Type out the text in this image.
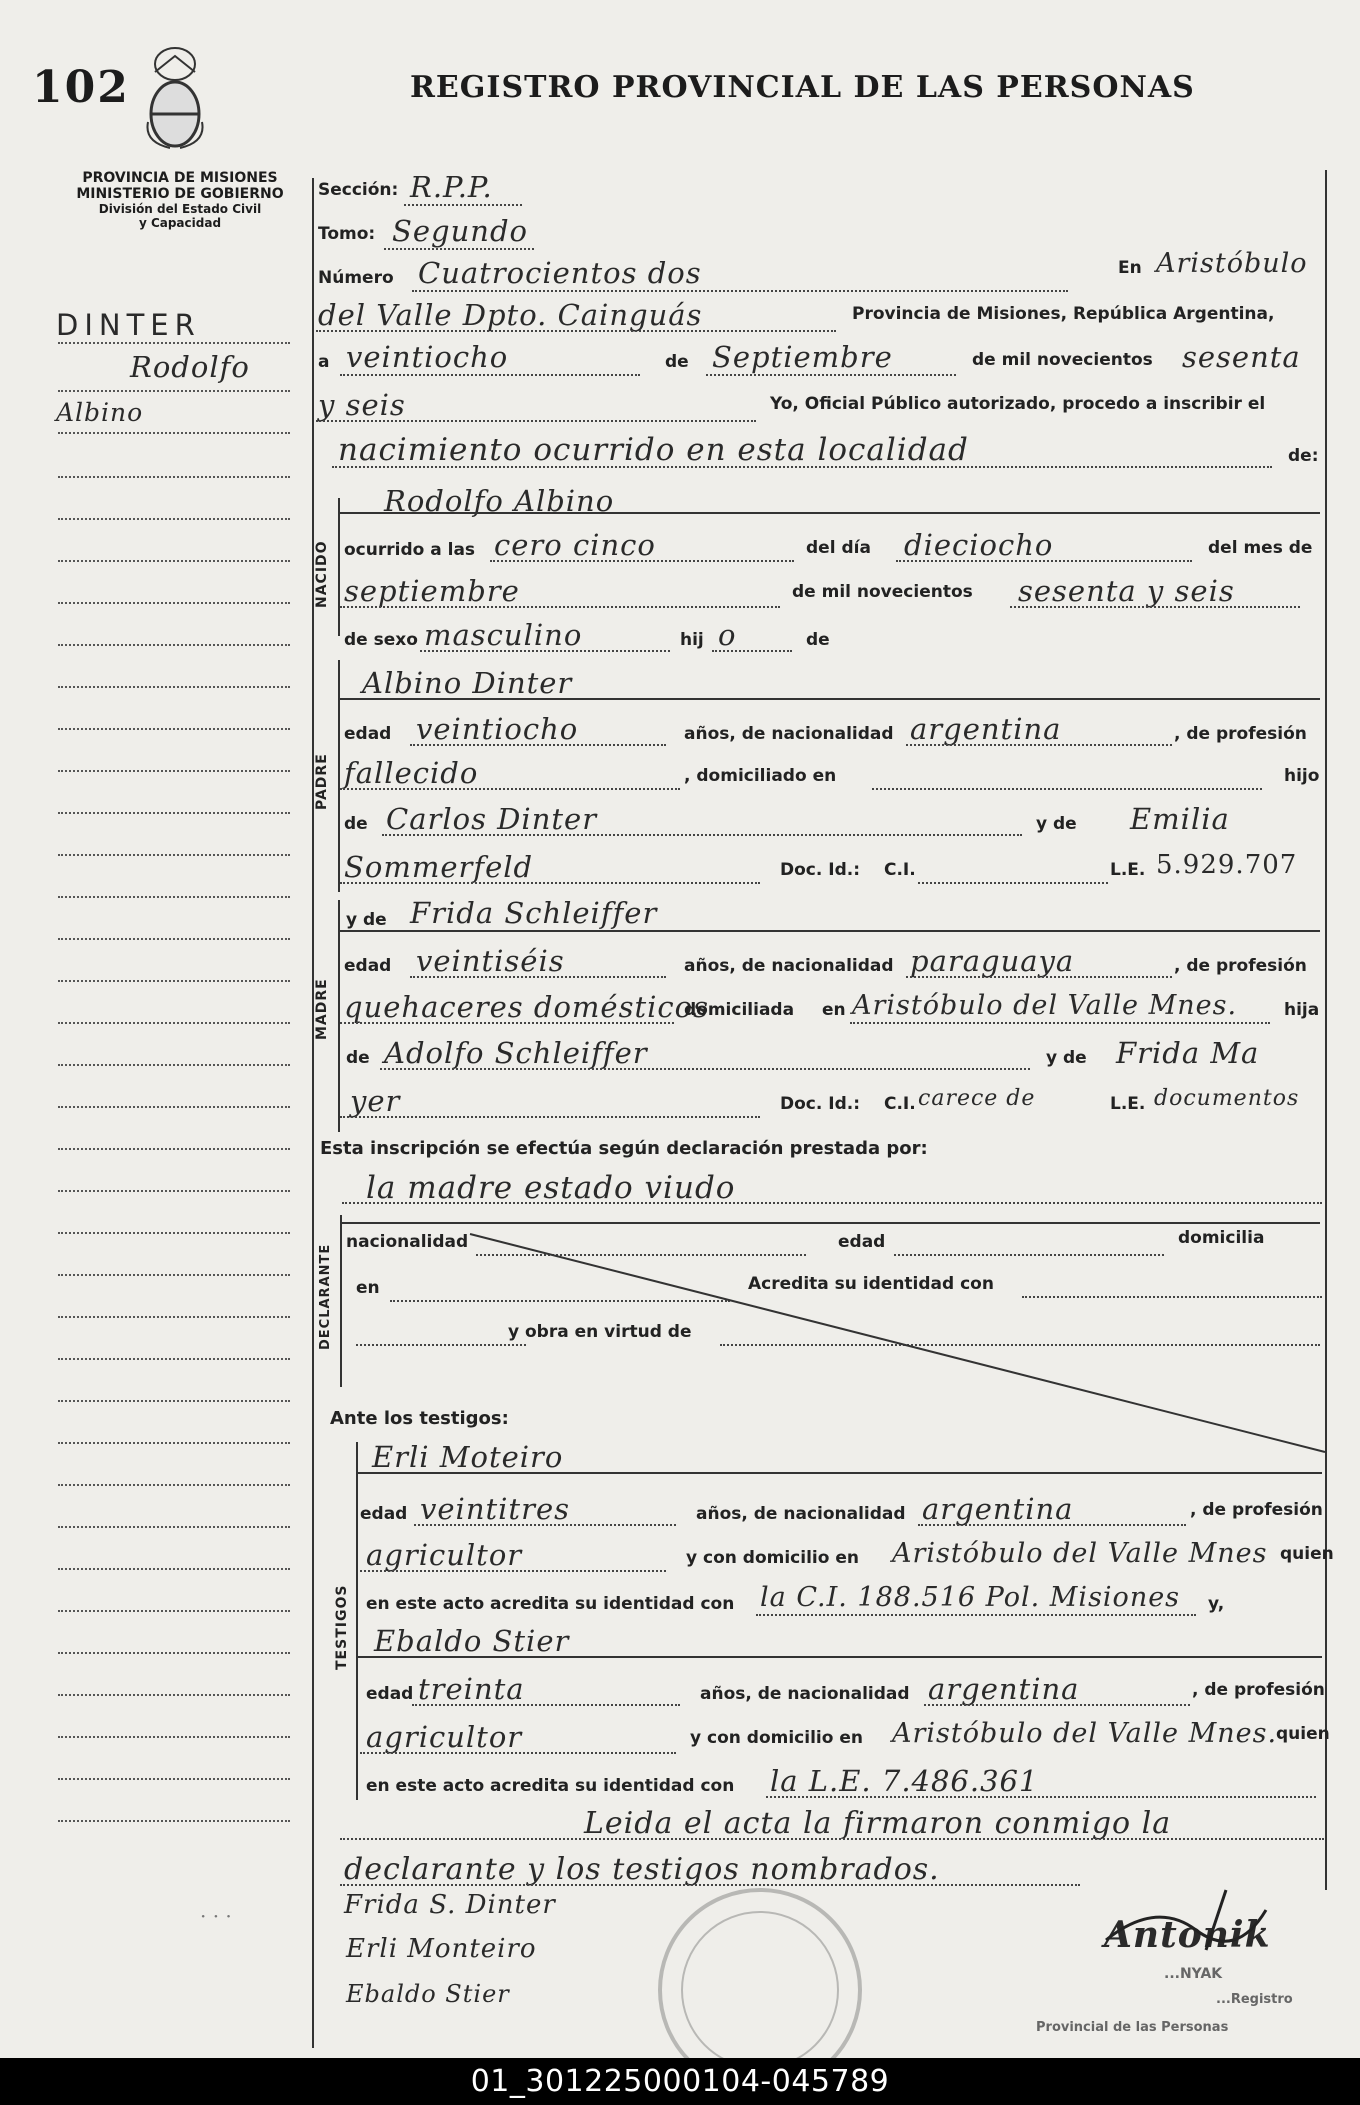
102	REGISTRO PROVINCIAL DE LAS PERSONAS
PROVINCIA DE MISIONES
MINISTERIO DE GOBIERNO
División del Estado Civil
y Capacidad
DINTER
Rodolfo
Albino
Sección: R.P.P.
Tomo: Segundo
Número Cuatrocientos dos	En Aristóbulo
del Valle Dpto. Cainguás	Provincia de Misiones, República Argentina,
a veintiocho	de Septiembre	de mil novecientos sesenta
y seis	Yo, Oficial Público autorizado, procedo a inscribir el
nacimiento ocurrido en esta localidad	de:
NACIDO
Rodolfo Albino
ocurrido a las cero cinco	del día dieciocho	del mes de
septiembre	de mil novecientos sesenta y seis
de sexo masculino	hij o	de
PADRE
Albino Dinter
edad veintiocho	años, de nacionalidad argentina	, de profesión
fallecido	, domiciliado en	hijo
de Carlos Dinter	y de Emilia
Sommerfeld	Doc. Id.: C.I.	L.E. 5.929.707
MADRE
y de Frida Schleiffer
edad veintiséis	años, de nacionalidad paraguaya	, de profesión
quehaceres domésticos
domiciliada en Aristóbulo del Valle Mnes.	hija
de Adolfo Schleiffer	y de Frida Ma
yer	Doc. Id.: C.I. carece de	L.E. documentos
Esta inscripción se efectúa según declaración prestada por:
la madre estado viudo
DECLARANTE
nacionalidad	edad	domicilia
en	Acredita su identidad con
y obra en virtud de
Ante los testigos:
TESTIGOS
Erli Moteiro
edad veintitres	años, de nacionalidad argentina	, de profesión
agricultor	y con domicilio en Aristóbulo del Valle Mnes quien
en este acto acredita su identidad con la C.I. 188.516 Pol. Misiones y,
Ebaldo Stier
edad treinta	años, de nacionalidad argentina	, de profesión
agricultor	y con domicilio en Aristóbulo del Valle Mnes.
quien
en este acto acredita su identidad con la L.E. 7.486.361
Leida el acta la firmaron conmigo la
declarante y los testigos nombrados.
Frida S. Dinter
Erli Monteiro
Ebaldo Stier
Antonik
...NYAK
...Registro
Provincial de las Personas
· · ·
01_301225000104-045789
